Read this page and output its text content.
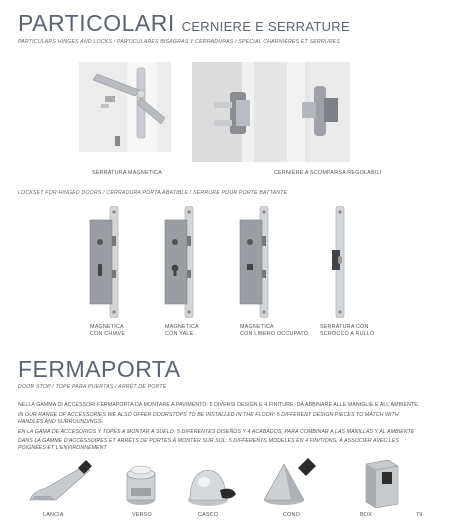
PARTICOLARI CERNIERE E SERRATURE
PARTICULARS HINGES AND LOCKS / PARTICULARES BISAGRAS Y CERRADURAS / SPÉCIAL CHARNIÈRES ET SERRURES
SERRATURA MAGNETICA	CERNIERE A SCOMPARSA REGOLABILI
LOCKSET FOR HINGED DOORS / CERRADURA PORTA ABATIBLE / SERRURE POUR PORTE BATTANTE
MAGNETICA
CON CHIAVE
MAGNETICA
CON YALE
MAGNETICA
CON LIBERO OCCUPATO
SERRATURA CON
SCROCCO A RULLO
FERMAPORTA
DOOR STOP / TOPE PARA PUERTAS / ARRÊT DE PORTE
NELLA GAMMA DI ACCESSORI FERMAPORTA DA MONTARE A PAVIMENTO: 5 DIVERSI DESIGN E 4 FINITURE, DA ABBINARE ALLE MANIGLIE E ALL'AMBIENTE.
IN OUR RANGE OF ACCESSORIES WE ALSO OFFER DOORSTOPS TO BE INSTALLED IN THE FLOOR: 5 DIFFERENT DESIGN PIECES TO MATCH WITH HANDLES AND SURROUNDINGS.
EN LA GAMA DE ACCESORIOS Y TOPES A MONTAR A SUELO: 5 DIFERENTES DISEÑOS Y 4 ACABADOS, PARA COMBINAR A LAS MANILLAS Y AL AMBIENTE
DANS LA GAMME D'ACCESSOIRES ET ARRÊTS DE PORTES À MONTER SUR SOL: 5 DIFFERENTS MODELES EN 4 FINITIONS, À ASSOCIER AVEC LES POIGNÉES ET L'ENVIRONNEMENT
LANCIA	VERSO	CASCO	CONO	BOX	79
